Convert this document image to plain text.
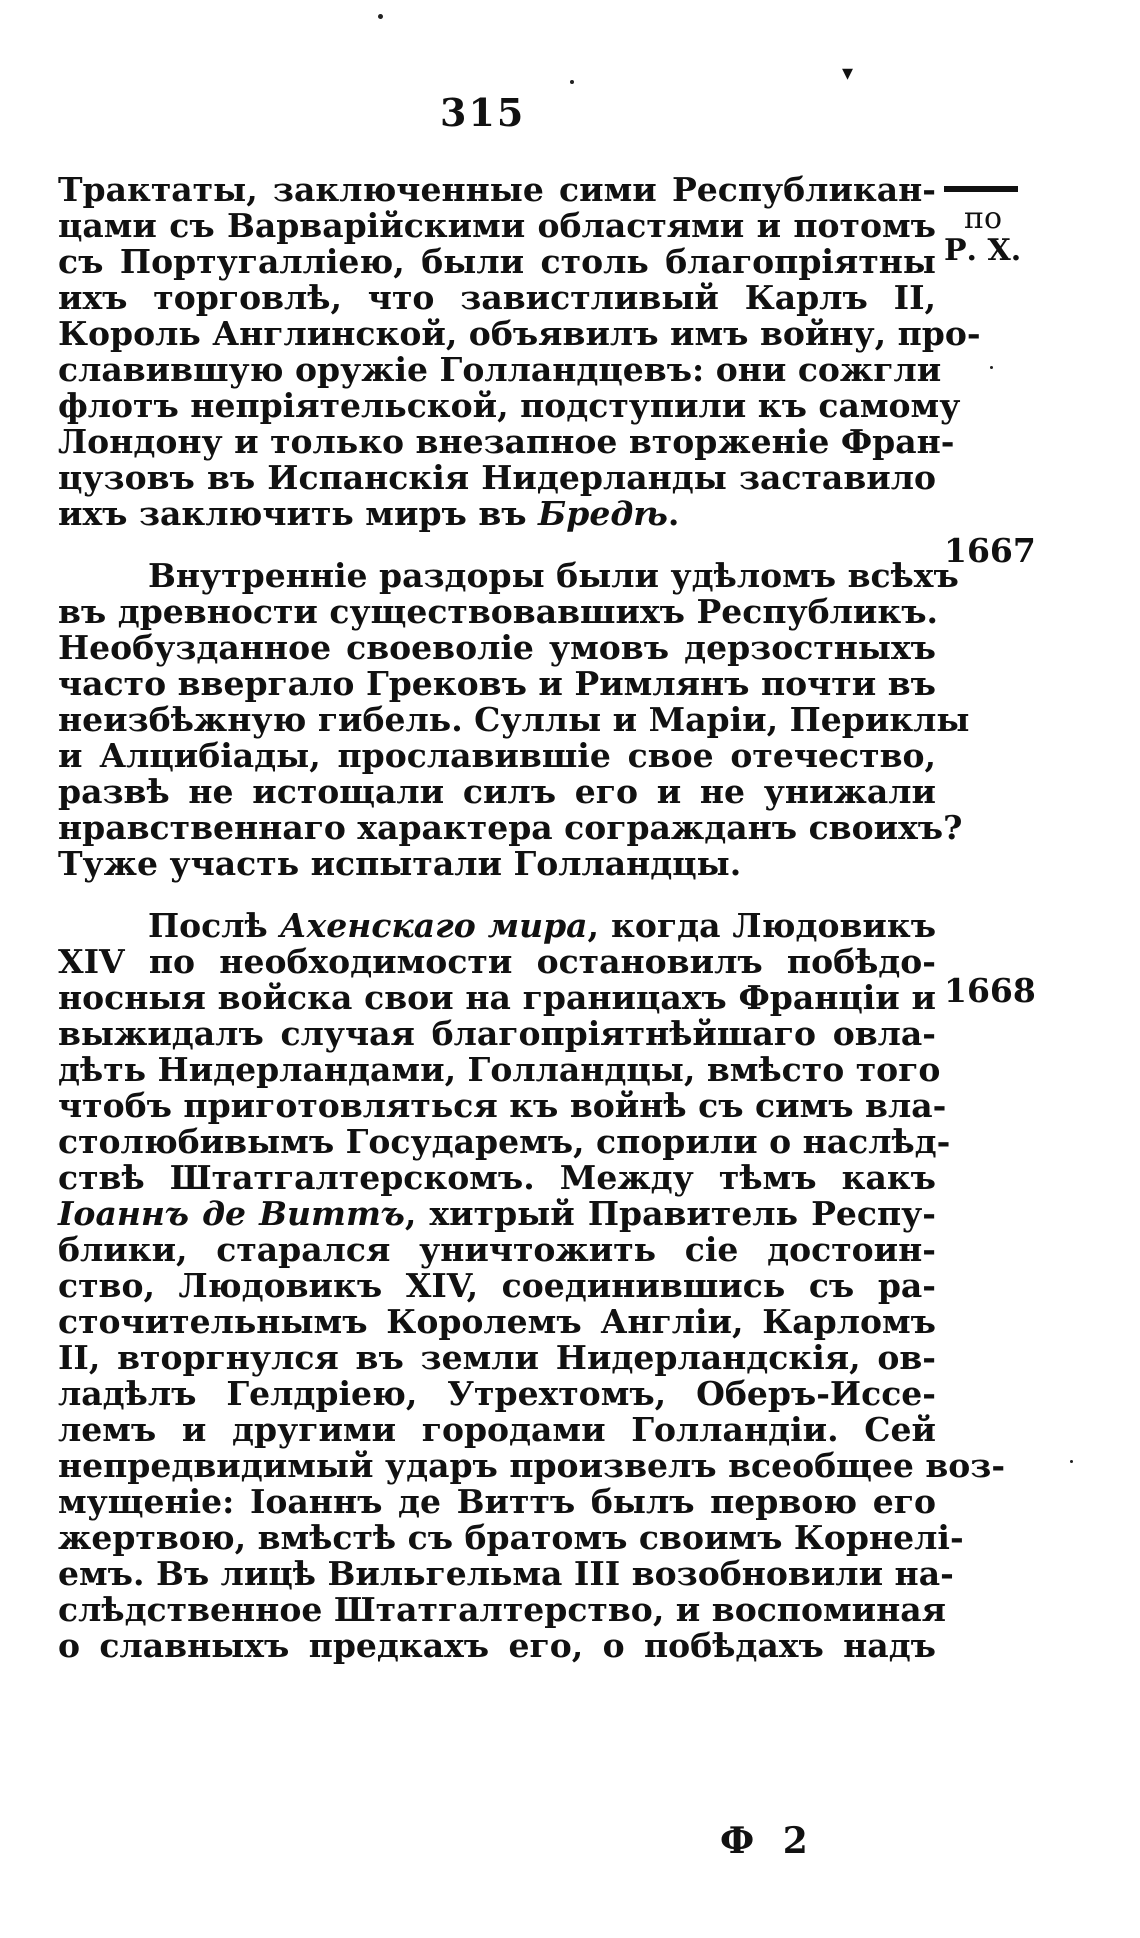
315
▾
по
Р. Х.
1667
1668
Трактаты, заключенные сими Республикан-
цами съ Варварійскими областями и потомъ
съ Португалліею, были столь благопріятны
ихъ торговлѣ, что завистливый Карлъ II,
Король Англинской, объявилъ имъ войну, про-
славившую оружіе Голландцевъ: они сожгли
флотъ непріятельской, подступили къ самому
Лондону и только внезапное вторженіе Фран-
цузовъ въ Испанскія Нидерланды заставило
ихъ заключить миръ въ Бредѣ.
Внутренніе раздоры были удѣломъ всѣхъ
въ древности существовавшихъ Республикъ.
Необузданное своеволіе умовъ дерзостныхъ
часто ввергало Грековъ и Римлянъ почти въ
неизбѣжную гибель. Суллы и Маріи, Периклы
и Алцибіады, прославившіе свое отечество,
развѣ не истощали силъ его и не унижали
нравственнаго характера согражданъ своихъ?
Туже участь испытали Голландцы.
Послѣ Ахенскаго мира, когда Людовикъ
XIV по необходимости остановилъ побѣдо-
носныя войска свои на границахъ Франціи и
выжидалъ случая благопріятнѣйшаго овла-
дѣть Нидерландами, Голландцы, вмѣсто того
чтобъ приготовляться къ войнѣ съ симъ вла-
столюбивымъ Государемъ, спорили о наслѣд-
ствѣ Штатгалтерскомъ. Между тѣмъ какъ
Іоаннъ де Виттъ, хитрый Правитель Респу-
блики, старался уничтожить сіе достоин-
ство, Людовикъ XIV, соединившись съ ра-
сточительнымъ Королемъ Англіи, Карломъ
II, вторгнулся въ земли Нидерландскія, ов-
ладѣлъ Гелдріею, Утрехтомъ, Оберъ-Иссе-
лемъ и другими городами Голландіи. Сей
непредвидимый ударъ произвелъ всеобщее воз-
мущеніе: Іоаннъ де Виттъ былъ первою его
жертвою, вмѣстѣ съ братомъ своимъ Корнелі-
емъ. Въ лицѣ Вильгельма III возобновили на-
слѣдственное Штатгалтерство, и воспоминая
о славныхъ предкахъ его, о побѣдахъ надъ
Ф 2
